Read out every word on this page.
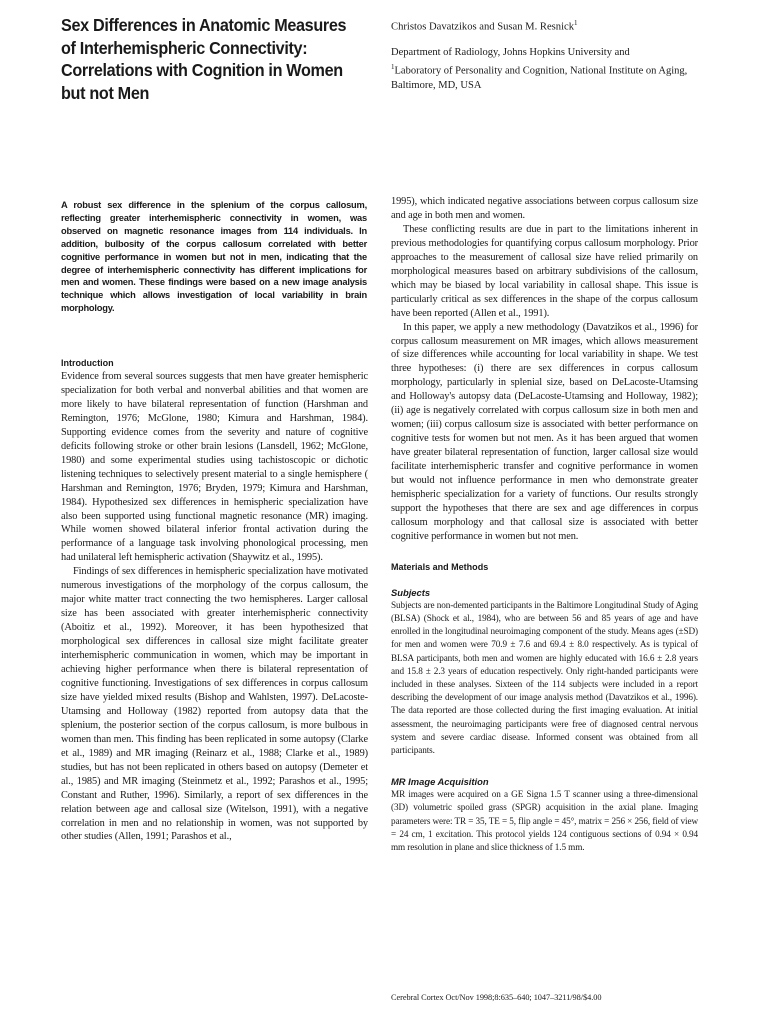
Sex Differences in Anatomic Measures of Interhemispheric Connectivity: Correlations with Cognition in Women but not Men
Christos Davatzikos and Susan M. Resnick$^1$
Department of Radiology, Johns Hopkins University and
$^1$Laboratory of Personality and Cognition, National Institute on Aging, Baltimore, MD, USA

A robust sex difference in the splenium of the corpus callosum, reflecting greater interhemispheric connectivity in women, was observed on magnetic resonance images from 114 individuals. In addition, bulbosity of the corpus callosum correlated with better cognitive performance in women but not in men, indicating that the degree of interhemispheric connectivity has different implications for men and women. These findings were based on a new image analysis technique which allows investigation of local variability in brain morphology.

Introduction

Evidence from several sources suggests that men have greater hemispheric specialization for both verbal and nonverbal abilities and that women are more likely to have bilateral representation of function (Harshman and Remington, 1976; McGlone, 1980; Kimura and Harshman, 1984). Supporting evidence comes from the severity and nature of cognitive deficits following stroke or other brain lesions (Lansdell, 1962; McGlone, 1980) and some experimental studies using tachistoscopic or dichotic listening techniques to selectively present material to a single hemisphere ( Harshman and Remington, 1976; Bryden, 1979; Kimura and Harshman, 1984). Hypothesized sex differences in hemispheric specialization have also been supported using functional magnetic resonance (MR) imaging. While women showed bilateral inferior frontal activation during the performance of a language task involving phonological processing, men had unilateral left hemispheric activation (Shaywitz et al., 1995).

Findings of sex differences in hemispheric specialization have motivated numerous investigations of the morphology of the corpus callosum, the major white matter tract connecting the two hemispheres. Larger callosal size has been associated with greater interhemispheric connectivity (Aboitiz et al., 1992). Moreover, it has been hypothesized that morphological sex differences in callosal size might facilitate greater interhemispheric communication in women, which may be important in achieving higher performance when there is bilateral representation of cognitive functioning. Investigations of sex differences in corpus callosum size have yielded mixed results (Bishop and Wahlsten, 1997). DeLacoste-Utamsing and Holloway (1982) reported from autopsy data that the splenium, the posterior section of the corpus callosum, is more bulbous in women than men. This finding has been replicated in some autopsy (Clarke et al., 1989) and MR imaging (Reinarz et al., 1988; Clarke et al., 1989) studies, but has not been replicated in others based on autopsy (Demeter et al., 1985) and MR imaging (Steinmetz et al., 1992; Parashos et al., 1995; Constant and Ruther, 1996). Similarly, a report of sex differences in the relation between age and callosal size (Witelson, 1991), with a negative correlation in men and no relationship in women, was not supported by other studies (Allen, 1991; Parashos et al.,

1995), which indicated negative associations between corpus callosum size and age in both men and women.

These conflicting results are due in part to the limitations inherent in previous methodologies for quantifying corpus callosum morphology. Prior approaches to the measurement of callosal size have relied primarily on morphological measures based on arbitrary subdivisions of the callosum, which may be biased by local variability in callosal shape. This issue is particularly critical as sex differences in the shape of the corpus callosum have been reported (Allen et al., 1991).

In this paper, we apply a new methodology (Davatzikos et al., 1996) for corpus callosum measurement on MR images, which allows measurement of size differences while accounting for local variability in shape. We test three hypotheses: (i) there are sex differences in corpus callosum morphology, particularly in splenial size, based on DeLacoste-Utamsing and Holloway's autopsy data (DeLacoste-Utamsing and Holloway, 1982); (ii) age is negatively correlated with corpus callosum size in both men and women; (iii) corpus callosum size is associated with better performance on cognitive tests for women but not men. As it has been argued that women have greater bilateral representation of function, larger callosal size would facilitate interhemispheric transfer and cognitive performance in women but would not influence performance in men who demonstrate greater hemispheric specialization for a variety of functions. Our results strongly support the hypotheses that there are sex and age differences in corpus callosum morphology and that callosal size is associated with better cognitive performance in women but not men.

Materials and Methods
Subjects

Subjects are non-demented participants in the Baltimore Longitudinal Study of Aging (BLSA) (Shock et al., 1984), who are between 56 and 85 years of age and have enrolled in the longitudinal neuroimaging component of the study. Means ages (±SD) for men and women were 70.9 ± 7.6 and 69.4 ± 8.0 respectively. As is typical of BLSA participants, both men and women are highly educated with 16.6 ± 2.8 years and 15.8 ± 2.3 years of education respectively. Only right-handed participants were included in these analyses. Sixteen of the 114 subjects were included in a report describing the development of our image analysis method (Davatzikos et al., 1996). The data reported are those collected during the first imaging evaluation. At initial assessment, the neuroimaging participants were free of diagnosed central nervous system and severe cardiac disease. Informed consent was obtained from all participants.

MR Image Acquisition

MR images were acquired on a GE Signa 1.5 T scanner using a three-dimensional (3D) volumetric spoiled grass (SPGR) acquisition in the axial plane. Imaging parameters were: TR = 35, TE = 5, flip angle = 45°, matrix = 256 × 256, field of view = 24 cm, 1 excitation. This protocol yields 124 contiguous sections of 0.94 × 0.94 mm resolution in plane and slice thickness of 1.5 mm.

Cerebral Cortex Oct/Nov 1998;8:635–640; 1047–3211/98/$4.00
